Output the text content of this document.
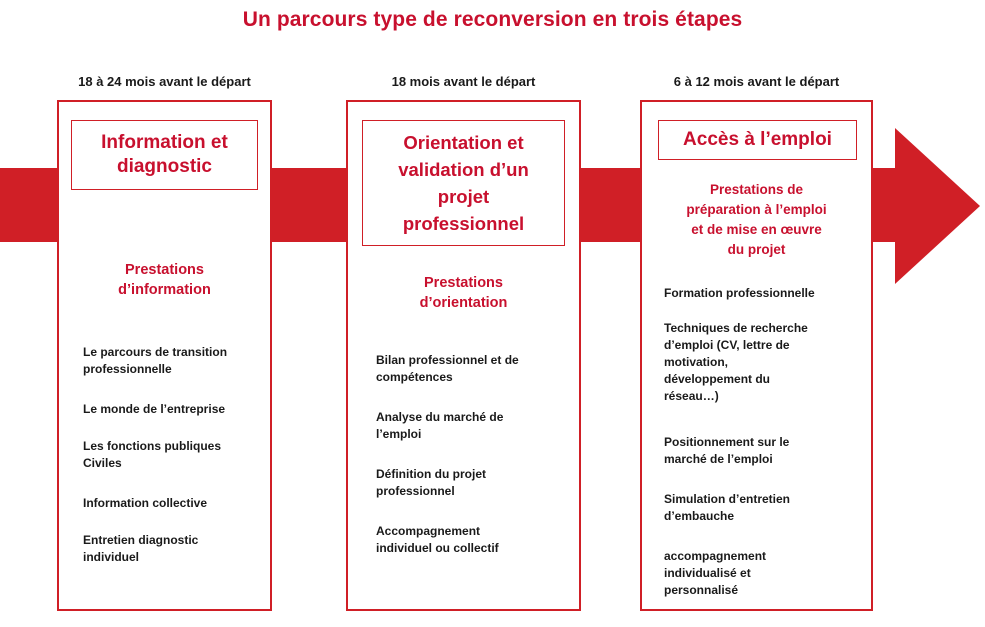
Un parcours type de reconversion en trois étapes
18 à 24 mois avant le départ
Information et
diagnostic
Prestations
d’information
Le parcours de transition
professionnelle
Le monde de l’entreprise
Les fonctions publiques
Civiles
Information collective
Entretien diagnostic
individuel
18 mois avant le départ
Orientation et
validation d’un
projet
professionnel
Prestations
d’orientation
Bilan professionnel et de
compétences
Analyse du marché de
l’emploi
Définition du projet
professionnel
Accompagnement
individuel ou collectif
6 à 12 mois avant le départ
Accès à l’emploi
Prestations de
préparation à l’emploi
et de mise en œuvre
du projet
Formation professionnelle
Techniques de recherche
d’emploi (CV, lettre de
motivation,
développement du
réseau…)
Positionnement sur le
marché de l’emploi
Simulation d’entretien
d’embauche
accompagnement
individualisé et
personnalisé
